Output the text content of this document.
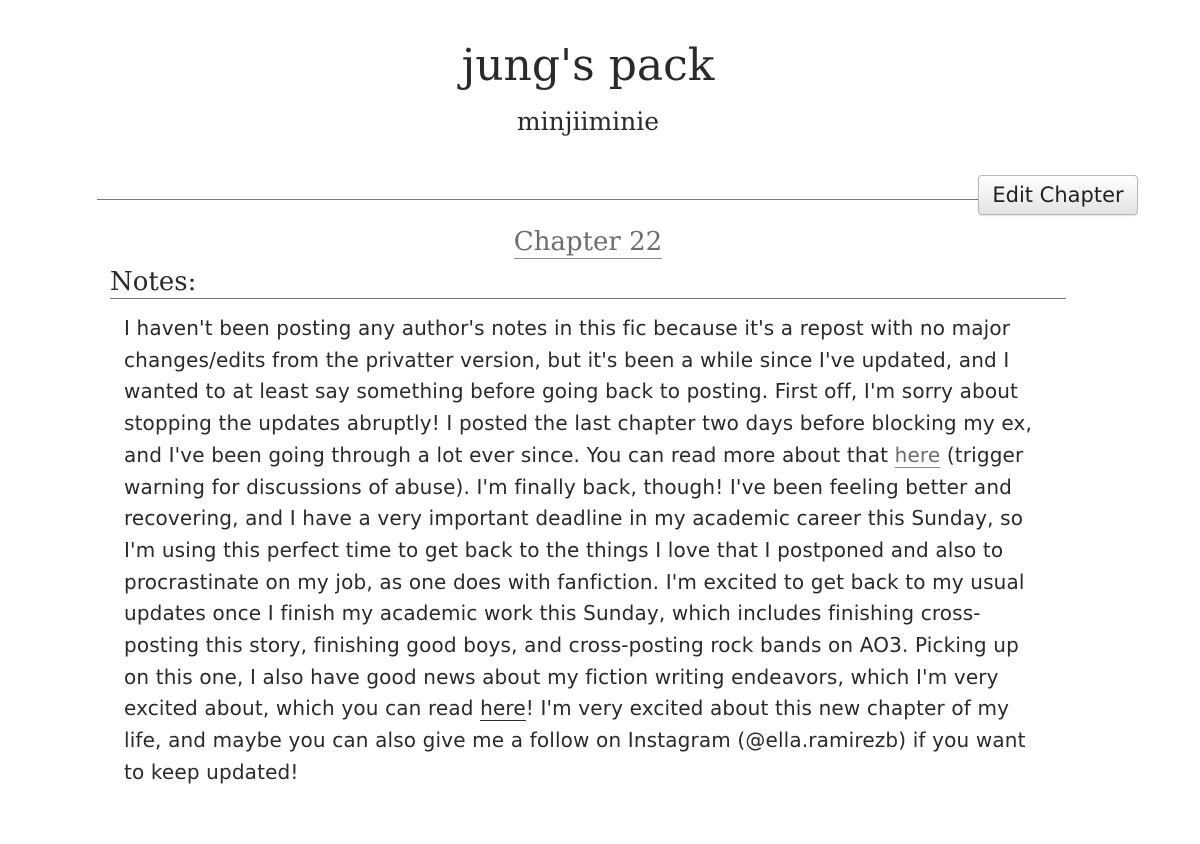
jung's pack
minjiiminie
Edit Chapter
Chapter 22
Notes:
I haven't been posting any author's notes in this fic because it's a repost with no major
changes/edits from the privatter version, but it's been a while since I've updated, and I
wanted to at least say something before going back to posting. First off, I'm sorry about
stopping the updates abruptly! I posted the last chapter two days before blocking my ex,
and I've been going through a lot ever since. You can read more about that here (trigger
warning for discussions of abuse). I'm finally back, though! I've been feeling better and
recovering, and I have a very important deadline in my academic career this Sunday, so
I'm using this perfect time to get back to the things I love that I postponed and also to
procrastinate on my job, as one does with fanfiction. I'm excited to get back to my usual
updates once I finish my academic work this Sunday, which includes finishing cross-
posting this story, finishing good boys, and cross-posting rock bands on AO3. Picking up
on this one, I also have good news about my fiction writing endeavors, which I'm very
excited about, which you can read here! I'm very excited about this new chapter of my
life, and maybe you can also give me a follow on Instagram (@ella.ramirezb) if you want
to keep updated!
